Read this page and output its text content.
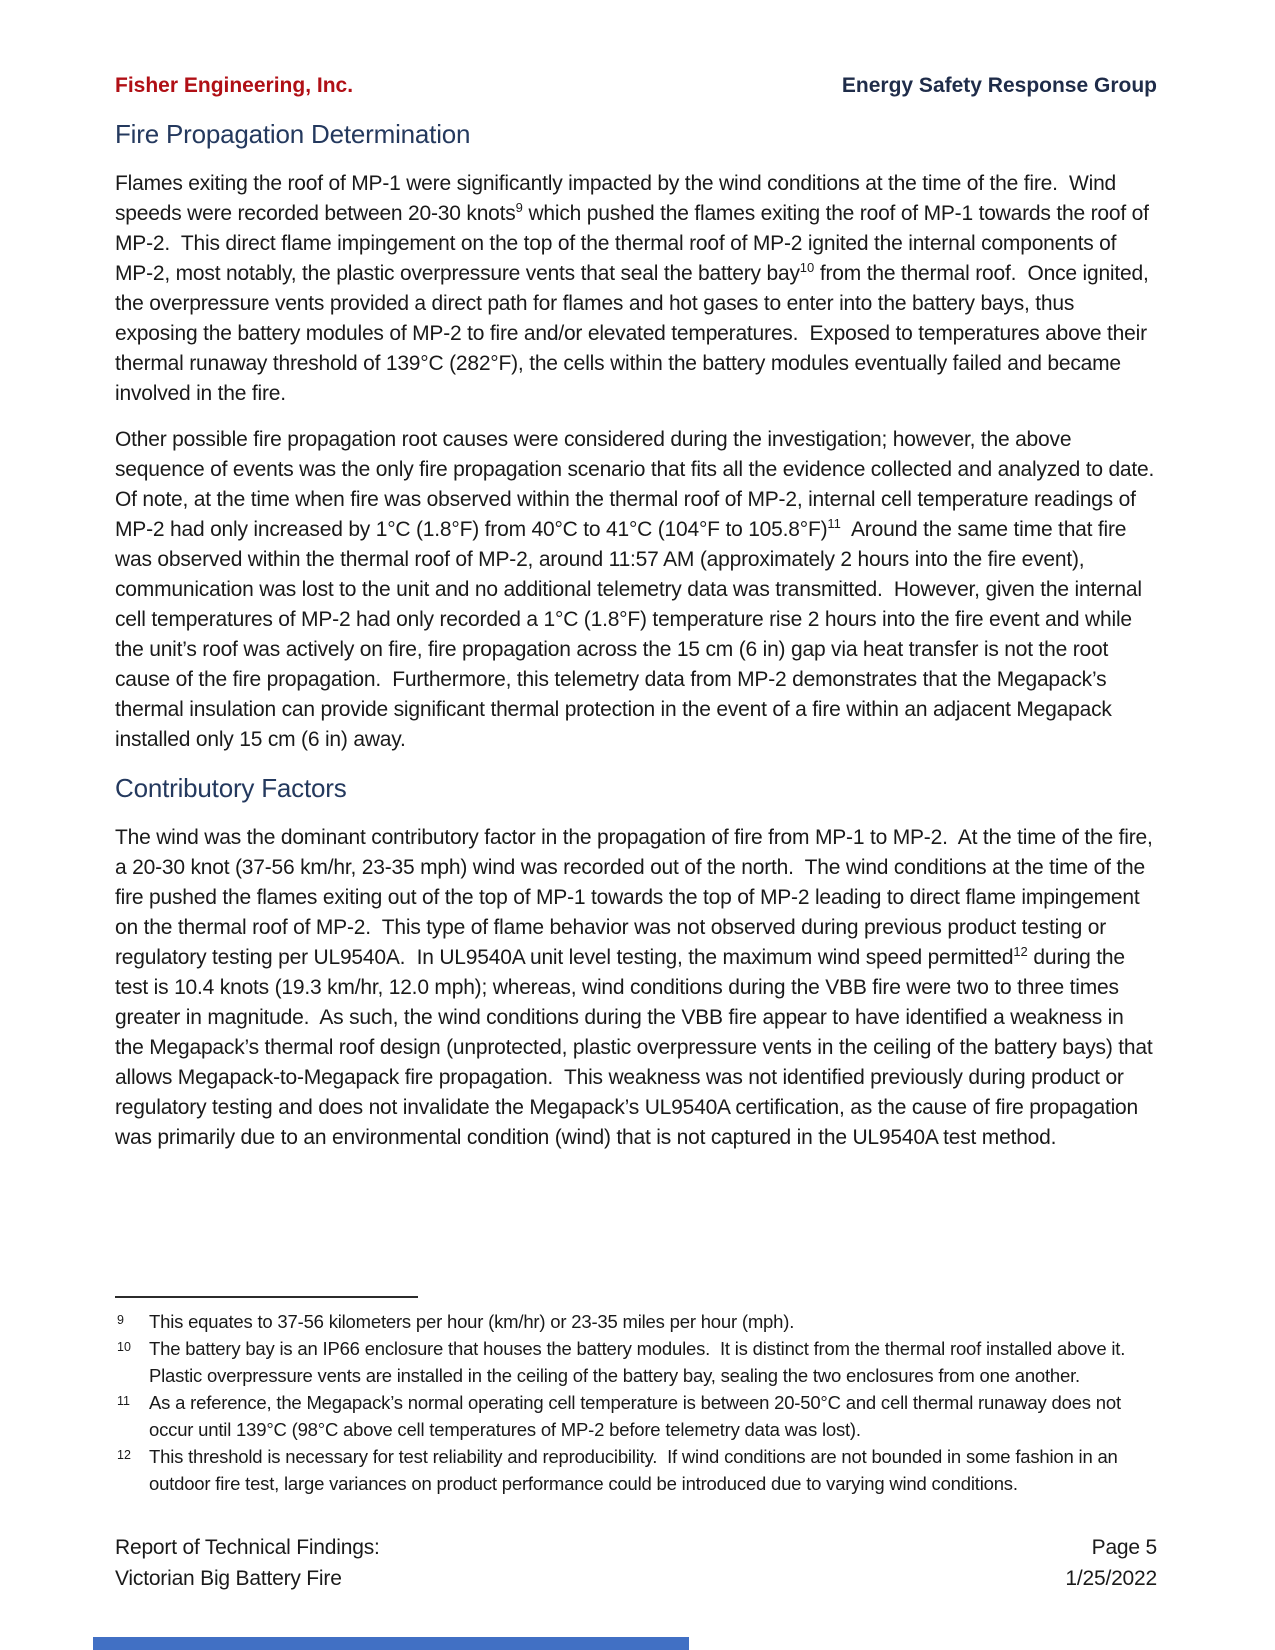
Fisher Engineering, Inc.	Energy Safety Response Group
Fire Propagation Determination

Flames exiting the roof of MP-1 were significantly impacted by the wind conditions at the time of the fire.  Wind speeds were recorded between 20-30 knots$^9$ which pushed the flames exiting the roof of MP-1 towards the roof of MP-2.  This direct flame impingement on the top of the thermal roof of MP-2 ignited the internal components of MP-2, most notably, the plastic overpressure vents that seal the battery bay$^{10}$ from the thermal roof.  Once ignited, the overpressure vents provided a direct path for flames and hot gases to enter into the battery bays, thus exposing the battery modules of MP-2 to fire and/or elevated temperatures.  Exposed to temperatures above their thermal runaway threshold of 139°C (282°F), the cells within the battery modules eventually failed and became involved in the fire.

Other possible fire propagation root causes were considered during the investigation; however, the above sequence of events was the only fire propagation scenario that fits all the evidence collected and analyzed to date.  Of note, at the time when fire was observed within the thermal roof of MP-2, internal cell temperature readings of MP-2 had only increased by 1°C (1.8°F) from 40°C to 41°C (104°F to 105.8°F)$^{11}$  Around the same time that fire was observed within the thermal roof of MP-2, around 11:57 AM (approximately 2 hours into the fire event), communication was lost to the unit and no additional telemetry data was transmitted.  However, given the internal cell temperatures of MP-2 had only recorded a 1°C (1.8°F) temperature rise 2 hours into the fire event and while the unit’s roof was actively on fire, fire propagation across the 15 cm (6 in) gap via heat transfer is not the root cause of the fire propagation.  Furthermore, this telemetry data from MP-2 demonstrates that the Megapack’s thermal insulation can provide significant thermal protection in the event of a fire within an adjacent Megapack installed only 15 cm (6 in) away.

Contributory Factors

The wind was the dominant contributory factor in the propagation of fire from MP-1 to MP-2.  At the time of the fire, a 20-30 knot (37-56 km/hr, 23-35 mph) wind was recorded out of the north.  The wind conditions at the time of the fire pushed the flames exiting out of the top of MP-1 towards the top of MP-2 leading to direct flame impingement on the thermal roof of MP-2.  This type of flame behavior was not observed during previous product testing or regulatory testing per UL9540A.  In UL9540A unit level testing, the maximum wind speed permitted$^{12}$ during the test is 10.4 knots (19.3 km/hr, 12.0 mph); whereas, wind conditions during the VBB fire were two to three times greater in magnitude.  As such, the wind conditions during the VBB fire appear to have identified a weakness in the Megapack’s thermal roof design (unprotected, plastic overpressure vents in the ceiling of the battery bays) that allows Megapack-to-Megapack fire propagation.  This weakness was not identified previously during product or regulatory testing and does not invalidate the Megapack’s UL9540A certification, as the cause of fire propagation was primarily due to an environmental condition (wind) that is not captured in the UL9540A test method.

9 This equates to 37-56 kilometers per hour (km/hr) or 23-35 miles per hour (mph).
10 The battery bay is an IP66 enclosure that houses the battery modules.  It is distinct from the thermal roof installed above it.  Plastic overpressure vents are installed in the ceiling of the battery bay, sealing the two enclosures from one another.
11 As a reference, the Megapack’s normal operating cell temperature is between 20-50°C and cell thermal runaway does not occur until 139°C (98°C above cell temperatures of MP-2 before telemetry data was lost).
12 This threshold is necessary for test reliability and reproducibility.  If wind conditions are not bounded in some fashion in an outdoor fire test, large variances on product performance could be introduced due to varying wind conditions.
Report of Technical Findings:
Victorian Big Battery Fire
Page 5
1/25/2022
